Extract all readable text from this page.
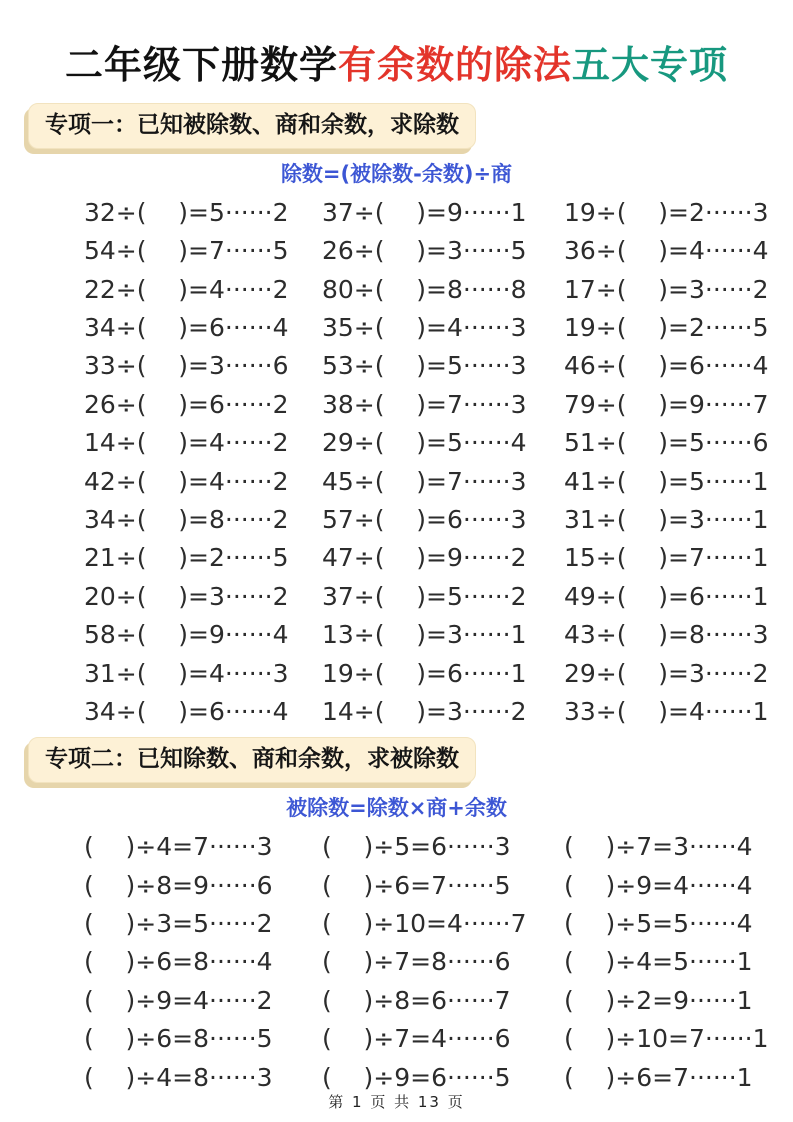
二年级下册数学有余数的除法五大专项
专项一：已知被除数、商和余数，求除数
除数=(被除数-余数)÷商
32÷(    )=5······2	37÷(    )=9······1	19÷(    )=2······3
54÷(    )=7······5	26÷(    )=3······5	36÷(    )=4······4
22÷(    )=4······2	80÷(    )=8······8	17÷(    )=3······2
34÷(    )=6······4	35÷(    )=4······3	19÷(    )=2······5
33÷(    )=3······6	53÷(    )=5······3	46÷(    )=6······4
26÷(    )=6······2	38÷(    )=7······3	79÷(    )=9······7
14÷(    )=4······2	29÷(    )=5······4	51÷(    )=5······6
42÷(    )=4······2	45÷(    )=7······3	41÷(    )=5······1
34÷(    )=8······2	57÷(    )=6······3	31÷(    )=3······1
21÷(    )=2······5	47÷(    )=9······2	15÷(    )=7······1
20÷(    )=3······2	37÷(    )=5······2	49÷(    )=6······1
58÷(    )=9······4	13÷(    )=3······1	43÷(    )=8······3
31÷(    )=4······3	19÷(    )=6······1	29÷(    )=3······2
34÷(    )=6······4	14÷(    )=3······2	33÷(    )=4······1
专项二：已知除数、商和余数，求被除数
被除数=除数×商+余数
(    )÷4=7······3	(    )÷5=6······3	(    )÷7=3······4
(    )÷8=9······6	(    )÷6=7······5	(    )÷9=4······4
(    )÷3=5······2	(    )÷10=4······7	(    )÷5=5······4
(    )÷6=8······4	(    )÷7=8······6	(    )÷4=5······1
(    )÷9=4······2	(    )÷8=6······7	(    )÷2=9······1
(    )÷6=8······5	(    )÷7=4······6	(    )÷10=7······1
(    )÷4=8······3	(    )÷9=6······5	(    )÷6=7······1
第 1 页 共 13 页
